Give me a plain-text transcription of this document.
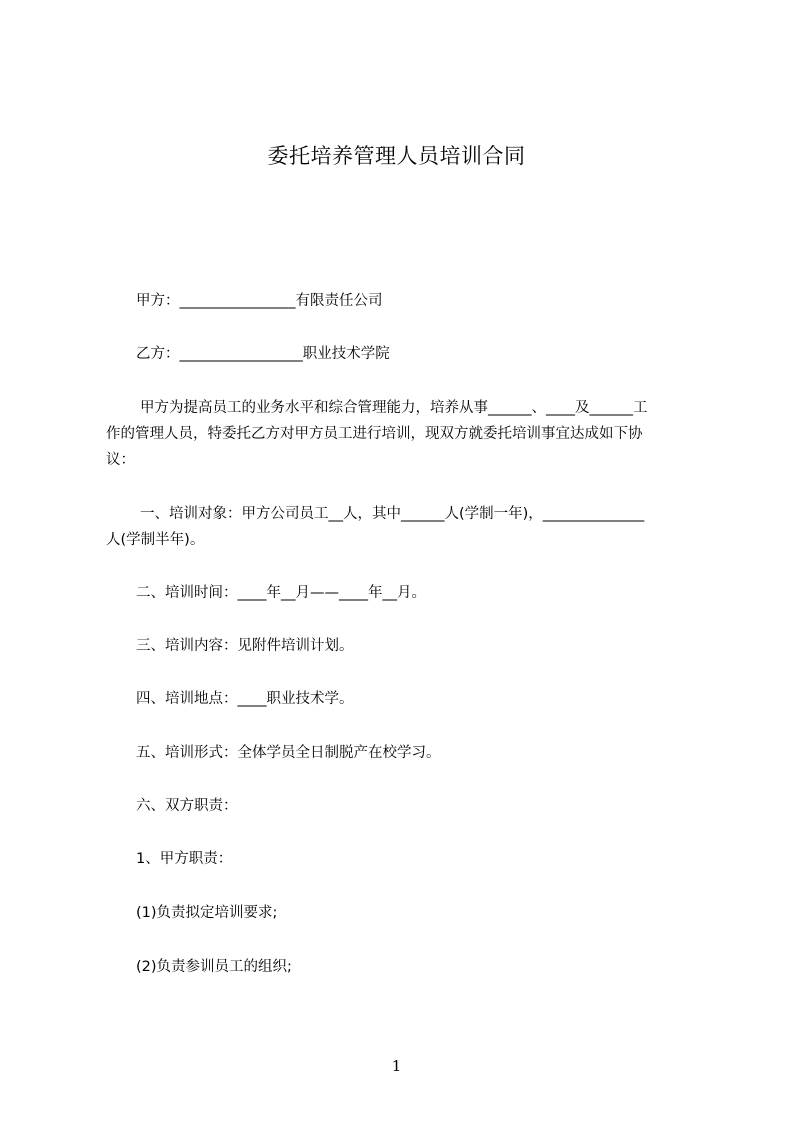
委托培养管理人员培训合同

甲方：________________有限责任公司

乙方：_________________职业技术学院

甲方为提高员工的业务水平和综合管理能力，培养从事______、____及______工

作的管理人员，特委托乙方对甲方员工进行培训，现双方就委托培训事宜达成如下协

议：

一、培训对象：甲方公司员工__人，其中______人(学制一年)，______________

人(学制半年)。

二、培训时间：____年__月——____年__月。

三、培训内容：见附件培训计划。

四、培训地点：____职业技术学。

五、培训形式：全体学员全日制脱产在校学习。

六、双方职责：

1、甲方职责：

(1)负责拟定培训要求;

(2)负责参训员工的组织;

1
